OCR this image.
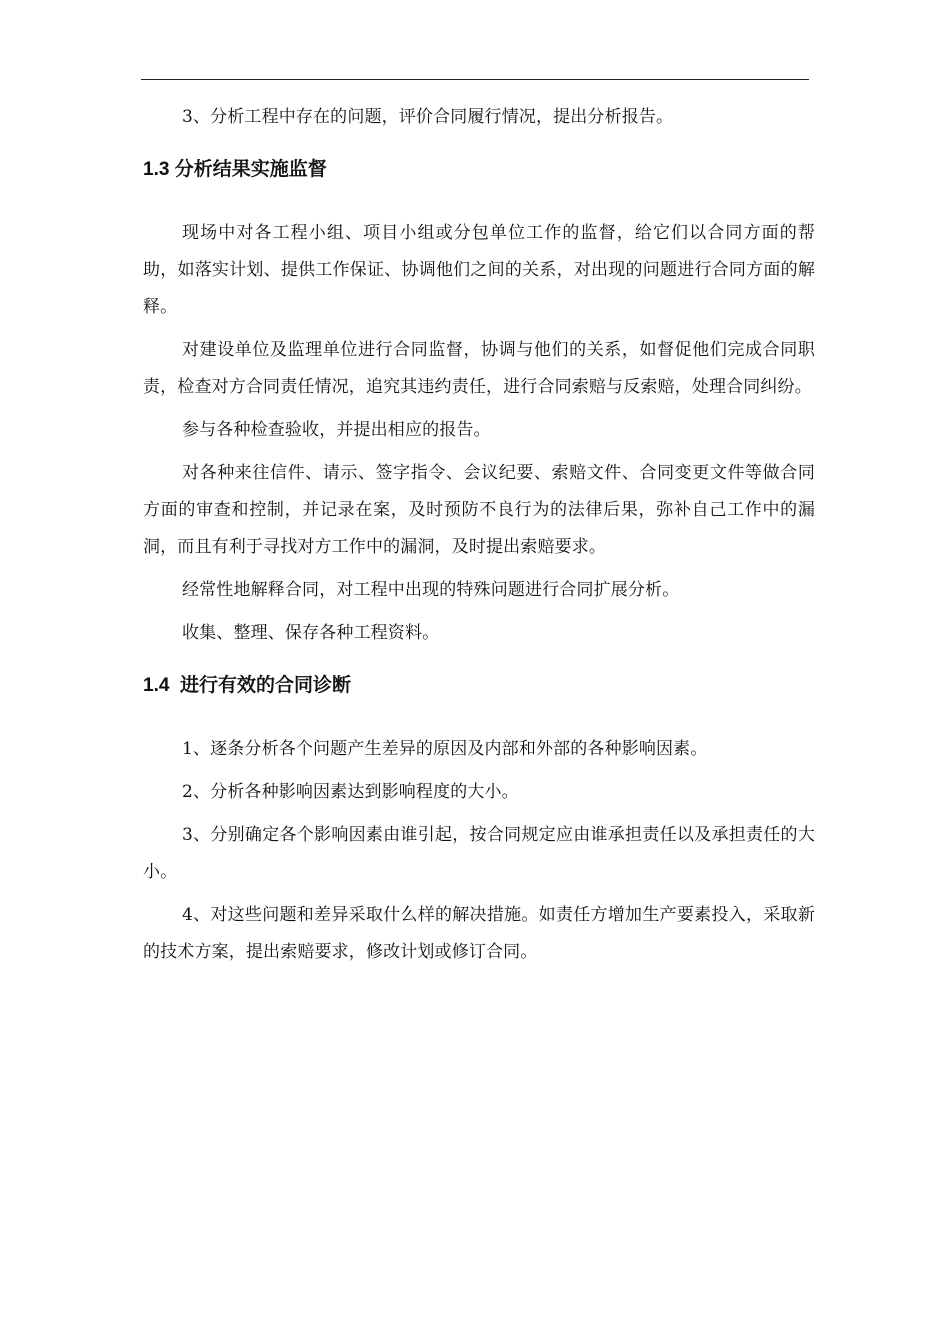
3、分析工程中存在的问题，评价合同履行情况，提出分析报告。

1.3 分析结果实施监督

现场中对各工程小组、项目小组或分包单位工作的监督，给它们以合同方面的帮助，如落实计划、提供工作保证、协调他们之间的关系，对出现的问题进行合同方面的解释。

对建设单位及监理单位进行合同监督，协调与他们的关系，如督促他们完成合同职责，检查对方合同责任情况，追究其违约责任，进行合同索赔与反索赔，处理合同纠纷。

参与各种检查验收，并提出相应的报告。

对各种来往信件、请示、签字指令、会议纪要、索赔文件、合同变更文件等做合同方面的审查和控制，并记录在案，及时预防不良行为的法律后果，弥补自己工作中的漏洞，而且有利于寻找对方工作中的漏洞，及时提出索赔要求。

经常性地解释合同，对工程中出现的特殊问题进行合同扩展分析。

收集、整理、保存各种工程资料。

1.4  进行有效的合同诊断

1、逐条分析各个问题产生差异的原因及内部和外部的各种影响因素。

2、分析各种影响因素达到影响程度的大小。

3、分别确定各个影响因素由谁引起，按合同规定应由谁承担责任以及承担责任的大小。

4、对这些问题和差异采取什么样的解决措施。如责任方增加生产要素投入，采取新的技术方案，提出索赔要求，修改计划或修订合同。
